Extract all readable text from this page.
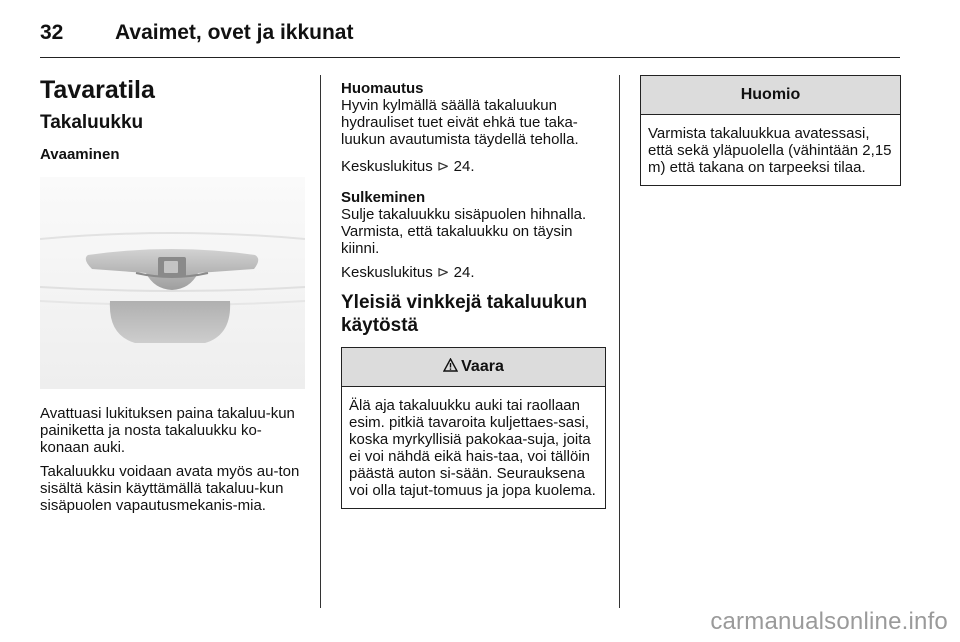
32 Avaimet, ovet ja ikkunat
Tavaratila
Takaluukku
Avaaminen

Avattuasi lukituksen paina takaluu-kun painiketta ja nosta takaluukku ko-konaan auki.

Takaluukku voidaan avata myös au-ton sisältä käsin käyttämällä takaluu-kun sisäpuolen vapautusmekanis-mia.

Huomautus

Hyvin kylmällä säällä takaluukun hydrauliset tuet eivät ehkä tue taka-luukun avautumista täydellä teholla.

Keskuslukitus ⊳ 24.

Sulkeminen

Sulje takaluukku sisäpuolen hihnalla. Varmista, että takaluukku on täysin kiinni.

Keskuslukitus ⊳ 24.

Yleisiä vinkkejä takaluukun käytöstä
Vaara
Älä aja takaluukku auki tai raollaan esim. pitkiä tavaroita kuljettaes-sasi, koska myrkyllisiä pakokaa-suja, joita ei voi nähdä eikä hais-taa, voi tällöin päästä auton si-sään. Seurauksena voi olla tajut-tomuus ja jopa kuolema.
Huomio
Varmista takaluukkua avatessasi, että sekä yläpuolella (vähintään 2,15 m) että takana on tarpeeksi tilaa.
carmanualsonline.info
